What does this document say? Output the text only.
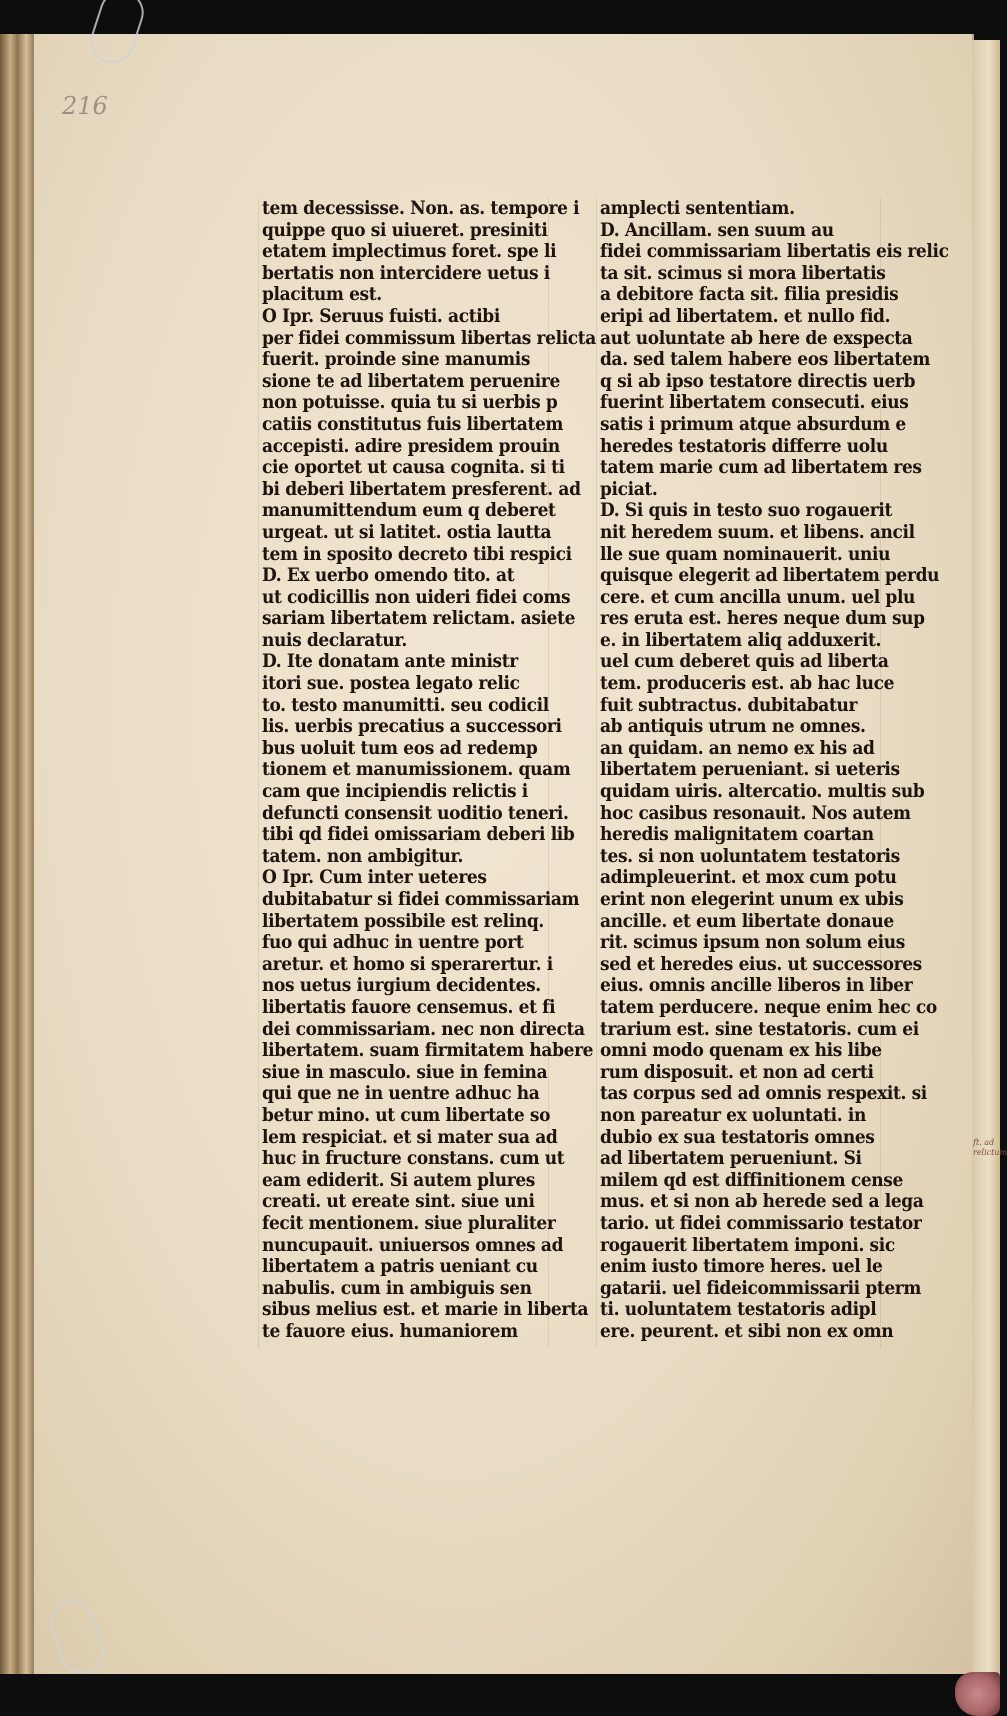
216
tem decessisse. Non. as. tempore i
quippe quo si uiueret. presiniti
etatem implectimus foret. spe li
bertatis non intercidere uetus i
placitum est.
O Ipr. Seruus fuisti. actibi
per fidei commissum libertas relicta
fuerit. proinde sine manumis
sione te ad libertatem peruenire
non potuisse. quia tu si uerbis p
catiis constitutus fuis libertatem
accepisti. adire presidem prouin
cie oportet ut causa cognita. si ti
bi deberi libertatem presferent. ad
manumittendum eum q deberet
urgeat. ut si latitet. ostia lautta
tem in sposito decreto tibi respici
D. Ex uerbo omendo tito. at
ut codicillis non uideri fidei coms
sariam libertatem relictam. asiete
nuis declaratur.
D. Ite donatam ante ministr
itori sue. postea legato relic
to. testo manumitti. seu codicil
lis. uerbis precatius a successori
bus uoluit tum eos ad redemp
tionem et manumissionem. quam
cam que incipiendis relictis i
defuncti consensit uoditio teneri.
tibi qd fidei omissariam deberi lib
tatem. non ambigitur.
O Ipr. Cum inter ueteres
dubitabatur si fidei commissariam
libertatem possibile est relinq.
fuo qui adhuc in uentre port
aretur. et homo si sperarertur. i
nos uetus iurgium decidentes.
libertatis fauore censemus. et fi
dei commissariam. nec non directa
libertatem. suam firmitatem habere
siue in masculo. siue in femina
qui que ne in uentre adhuc ha
betur mino. ut cum libertate so
lem respiciat. et si mater sua ad
huc in fructure constans. cum ut
eam ediderit. Si autem plures
creati. ut ereate sint. siue uni
fecit mentionem. siue pluraliter
nuncupauit. uniuersos omnes ad
libertatem a patris ueniant cu
nabulis. cum in ambiguis sen
sibus melius est. et marie in liberta
te fauore eius. humaniorem
amplecti sententiam.
D. Ancillam. sen suum au
fidei commissariam libertatis eis relic
ta sit. scimus si mora libertatis
a debitore facta sit. filia presidis
eripi ad libertatem. et nullo fid.
aut uoluntate ab here de exspecta
da. sed talem habere eos libertatem
q si ab ipso testatore directis uerb
fuerint libertatem consecuti. eius
satis i primum atque absurdum e
heredes testatoris differre uolu
tatem marie cum ad libertatem res
piciat.
D. Si quis in testo suo rogauerit
nit heredem suum. et libens. ancil
lle sue quam nominauerit. uniu
quisque elegerit ad libertatem perdu
cere. et cum ancilla unum. uel plu
res eruta est. heres neque dum sup
e. in libertatem aliq adduxerit.
uel cum deberet quis ad liberta
tem. produceris est. ab hac luce
fuit subtractus. dubitabatur
ab antiquis utrum ne omnes.
an quidam. an nemo ex his ad
libertatem perueniant. si ueteris
quidam uiris. altercatio. multis sub
hoc casibus resonauit. Nos autem
heredis malignitatem coartan
tes. si non uoluntatem testatoris
adimpleuerint. et mox cum potu
erint non elegerint unum ex ubis
ancille. et eum libertate donaue
rit. scimus ipsum non solum eius
sed et heredes eius. ut successores
eius. omnis ancille liberos in liber
tatem perducere. neque enim hec co
trarium est. sine testatoris. cum ei
omni modo quenam ex his libe
rum disposuit. et non ad certi
tas corpus sed ad omnis respexit. si
non pareatur ex uoluntati. in
dubio ex sua testatoris omnes
ad libertatem perueniunt. Si
milem qd est diffinitionem cense
mus. et si non ab herede sed a lega
tario. ut fidei commissario testator
rogauerit libertatem imponi. sic
enim iusto timore heres. uel le
gatarii. uel fideicommissarii pterm
ti. uoluntatem testatoris adipl
ere. peurent. et sibi non ex omn
ft. ad relictum
